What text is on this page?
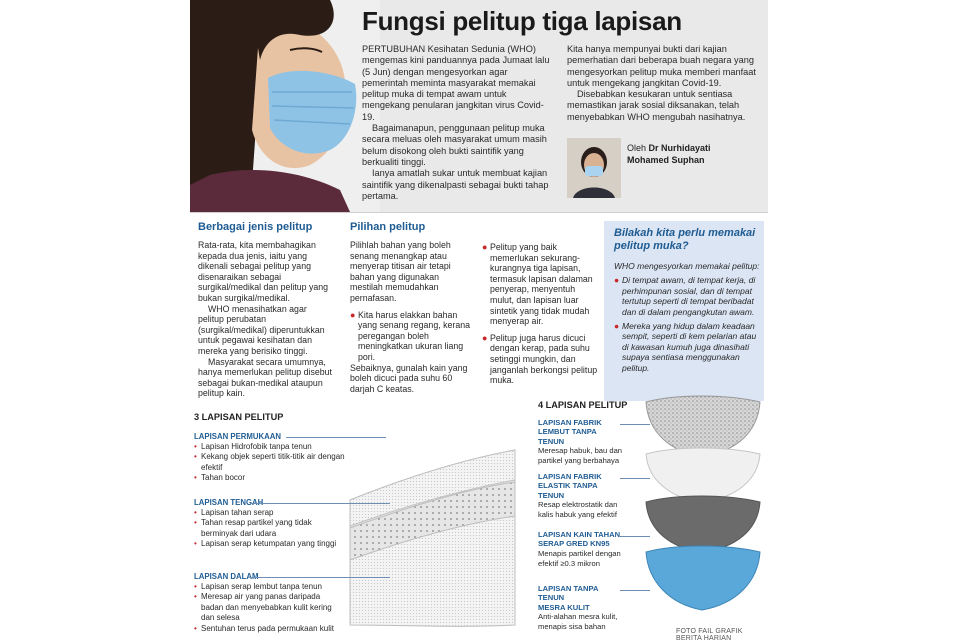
Fungsi pelitup tiga lapisan

PERTUBUHAN Kesihatan Sedunia (WHO) mengemas kini panduannya pada Jumaat lalu (5 Jun) dengan mengesyorkan agar pemerintah meminta masyarakat memakai pelitup muka di tempat awam untuk mengekang penularan jangkitan virus Covid-19.

Bagaimanapun, penggunaan pelitup muka secara meluas oleh masyarakat umum masih belum disokong oleh bukti saintifik yang berkualiti tinggi.

Ianya amatlah sukar untuk membuat kajian saintifik yang dikenalpasti sebagai bukti tahap pertama.

Kita hanya mempunyai bukti dari kajian pemerhatian dari beberapa buah negara yang mengesyorkan pelitup muka memberi manfaat untuk mengekang jangkitan Covid-19.

Disebabkan kesukaran untuk sentiasa memastikan jarak sosial diksanakan, telah menyebabkan WHO mengubah nasihatnya.

Oleh Dr Nurhidayati
Mohamed Suphan
Berbagai jenis pelitup

Rata-rata, kita membahagikan kepada dua jenis, iaitu yang dikenali sebagai pelitup yang disenaraikan sebagai surgikal/medikal dan pelitup yang bukan surgikal/medikal.

WHO menasihatkan agar pelitup perubatan (surgikal/medikal) diperuntukkan untuk pegawai kesihatan dan mereka yang berisiko tinggi.

Masyarakat secara umumnya, hanya memerlukan pelitup disebut sebagai bukan-medikal ataupun pelitup kain.

Pilihan pelitup

Pilihlah bahan yang boleh senang menangkap atau menyerap titisan air tetapi bahan yang digunakan mestilah memudahkan pernafasan.

● Kita harus elakkan bahan yang senang regang, kerana peregangan boleh meningkatkan ukuran liang pori.

Sebaiknya, gunalah kain yang boleh dicuci pada suhu 60 darjah C keatas.

● Pelitup yang baik memerlukan sekurang-kurangnya tiga lapisan, termasuk lapisan dalaman penyerap, menyentuh mulut, dan lapisan luar sintetik yang tidak mudah menyerap air.
● Pelitup juga harus dicuci dengan kerap, pada suhu setinggi mungkin, dan janganlah berkongsi pelitup muka.
Bilakah kita perlu memakai pelitup muka?

WHO mengesyorkan memakai pelitup:

● Di tempat awam, di tempat kerja, di perhimpunan sosial, dan di tempat tertutup seperti di tempat beribadat dan di dalam pengangkutan awam.

● Mereka yang hidup dalam keadaan sempit, seperti di kem pelarian atau di kawasan kumuh juga dinasihati supaya sentiasa menggunakan pelitup.

3 LAPISAN PELITUP
LAPISAN PERMUKAAN
• Lapisan Hidrofobik tanpa tenun
• Kekang objek seperti titik-titik air dengan efektif
• Tahan bocor
LAPISAN TENGAH
• Lapisan tahan serap
• Tahan resap partikel yang tidak berminyak dari udara
• Lapisan serap ketumpatan yang tinggi
LAPISAN DALAM
• Lapisan serap lembut tanpa tenun
• Meresap air yang panas daripada badan dan menyebabkan kulit kering dan selesa
• Sentuhan terus pada permukaan kulit
4 LAPISAN PELITUP
LAPISAN FABRIK
LEMBUT TANPA TENUN
Meresap habuk, bau dan partikel yang berbahaya
LAPISAN FABRIK
ELASTIK TANPA TENUN
Resap elektrostatik dan kalis habuk yang efektif
LAPISAN KAIN TAHAN
SERAP GRED KN95
Menapis partikel dengan efektif ≥0.3 mikron
LAPISAN TANPA TENUN
MESRA KULIT
Anti-alahan mesra kulit, menapis sisa bahan
FOTO FAIL GRAFIK BERITA HARIAN
